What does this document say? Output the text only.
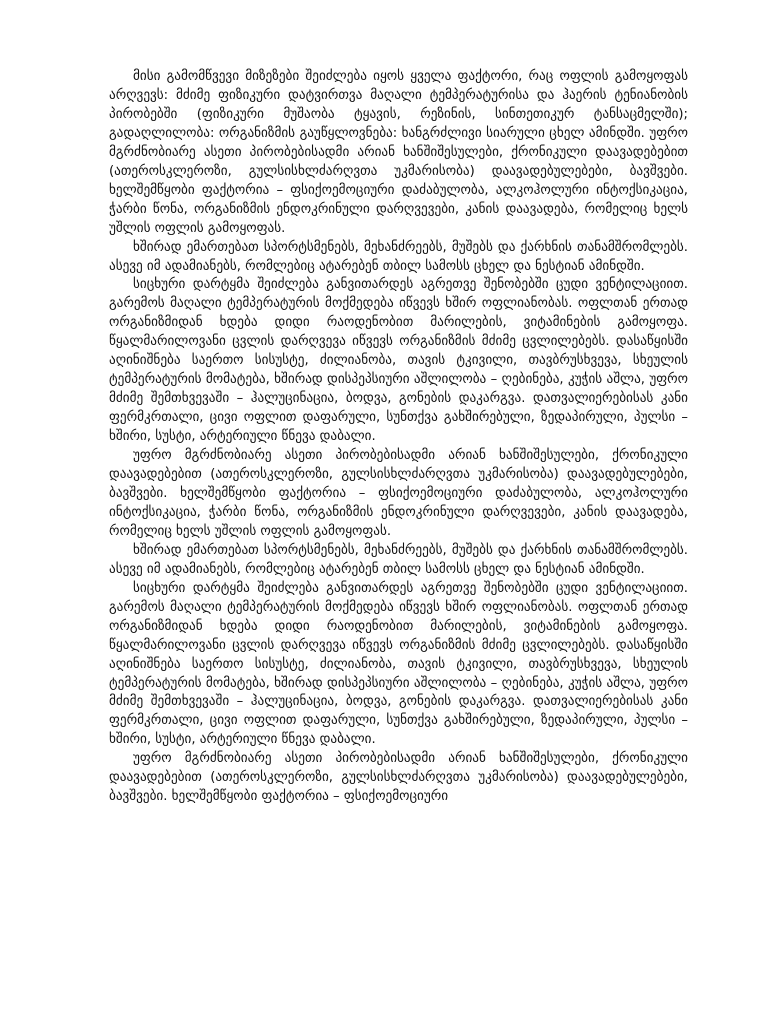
მისი გამომწვევი მიზეზები შეიძლება იყოს ყველა ფაქტორი, რაც ოფლის გამოყოფას არღვევს: მძიმე ფიზიკური დატვირთვა მაღალი ტემპერატურისა და ჰაერის ტენიანობის პირობებში (ფიზიკური მუშაობა ტყავის, რეზინის, სინთეთიკურ ტანსაცმელში); გადაღლილობა: ორგანიზმის გაუწყლოვნება: ხანგრძლივი სიარული ცხელ ამინდში. უფრო მგრძნობიარე ასეთი პირობებისადმი არიან ხანშიშესულები, ქრონიკული დაავადებებით (ათეროსკლეროზი, გულსისხლძარღვთა უკმარისობა) დაავადებულებები, ბავშვები. ხელშემწყობი ფაქტორია – ფსიქოემოციური დაძაბულობა, ალკოჰოლური ინტოქსიკაცია, ჭარბი წონა, ორგანიზმის ენდოკრინული დარღვევები, კანის დაავადება, რომელიც ხელს უშლის ოფლის გამოყოფას.

ხშირად ემართებათ სპორტსმენებს, მეხანძრეებს, მუშებს და ქარხნის თანამშრომლებს. ასევე იმ ადამიანებს, რომლებიც ატარებენ თბილ სამოსს ცხელ და ნესტიან ამინდში.

სიცხური დარტყმა შეიძლება განვითარდეს აგრეთვე შენობებში ცუდი ვენტილაციით. გარემოს მაღალი ტემპერატურის მოქმედება იწვევს ხშირ ოფლიანობას. ოფლთან ერთად ორგანიზმიდან ხდება დიდი რაოდენობით მარილების, ვიტამინების გამოყოფა. წყალმარილოვანი ცვლის დარღვევა იწვევს ორგანიზმის მძიმე ცვლილებებს. დასაწყისში აღინიშნება საერთო სისუსტე, ძილიანობა, თავის ტკივილი, თავბრუსხვევა, სხეულის ტემპერატურის მომატება, ხშირად დისპეპსიური აშლილობა – ღებინება, კუჭის აშლა, უფრო მძიმე შემთხვევაში – ჰალუცინაცია, ბოდვა, გონების დაკარგვა. დათვალიერებისას კანი ფერმკრთალი, ცივი ოფლით დაფარული, სუნთქვა გახშირებული, ზედაპირული, პულსი – ხშირი, სუსტი, არტერიული წნევა დაბალი.

უფრო მგრძნობიარე ასეთი პირობებისადმი არიან ხანშიშესულები, ქრონიკული დაავადებებით (ათეროსკლეროზი, გულსისხლძარღვთა უკმარისობა) დაავადებულებები, ბავშვები. ხელშემწყობი ფაქტორია – ფსიქოემოციური დაძაბულობა, ალკოჰოლური ინტოქსიკაცია, ჭარბი წონა, ორგანიზმის ენდოკრინული დარღვევები, კანის დაავადება, რომელიც ხელს უშლის ოფლის გამოყოფას.

ხშირად ემართებათ სპორტსმენებს, მეხანძრეებს, მუშებს და ქარხნის თანამშრომლებს. ასევე იმ ადამიანებს, რომლებიც ატარებენ თბილ სამოსს ცხელ და ნესტიან ამინდში.

სიცხური დარტყმა შეიძლება განვითარდეს აგრეთვე შენობებში ცუდი ვენტილაციით. გარემოს მაღალი ტემპერატურის მოქმედება იწვევს ხშირ ოფლიანობას. ოფლთან ერთად ორგანიზმიდან ხდება დიდი რაოდენობით მარილების, ვიტამინების გამოყოფა. წყალმარილოვანი ცვლის დარღვევა იწვევს ორგანიზმის მძიმე ცვლილებებს. დასაწყისში აღინიშნება საერთო სისუსტე, ძილიანობა, თავის ტკივილი, თავბრუსხვევა, სხეულის ტემპერატურის მომატება, ხშირად დისპეპსიური აშლილობა – ღებინება, კუჭის აშლა, უფრო მძიმე შემთხვევაში – ჰალუცინაცია, ბოდვა, გონების დაკარგვა. დათვალიერებისას კანი ფერმკრთალი, ცივი ოფლით დაფარული, სუნთქვა გახშირებული, ზედაპირული, პულსი – ხშირი, სუსტი, არტერიული წნევა დაბალი.

უფრო მგრძნობიარე ასეთი პირობებისადმი არიან ხანშიშესულები, ქრონიკული დაავადებებით (ათეროსკლეროზი, გულსისხლძარღვთა უკმარისობა) დაავადებულებები, ბავშვები. ხელშემწყობი ფაქტორია – ფსიქოემოციური
